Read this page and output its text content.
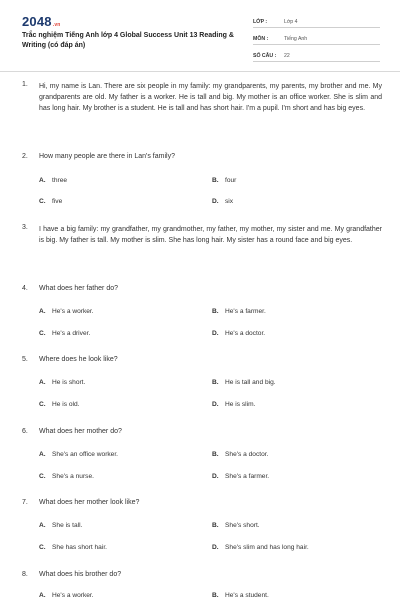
2048.vn
Trắc nghiệm Tiếng Anh lớp 4 Global Success Unit 13 Reading & Writing (có đáp án)
LỚP :	Lớp 4
MÔN :	Tiếng Anh
SỐ CÂU :	22
1.	Hi, my name is Lan. There are six people in my family: my grandparents, my parents, my brother and me. My grandparents are old. My father is a worker. He is tall and big. My mother is an office worker. She is slim and has long hair. My brother is a student. He is tall and has short hair. I'm a pupil. I'm short and has big eyes.
2.	How many people are there in Lan's family?
A. three	B. four
C. five	D. six
3.	I have a big family: my grandfather, my grandmother, my father, my mother, my sister and me. My grandfather is big. My father is tall. My mother is slim. She has long hair. My sister has a round face and big eyes.
4.	What does her father do?
A. He's a worker.	B. He's a farmer.
C. He's a driver.	D. He's a doctor.
5.	Where does he look like?
A. He is short.	B. He is tall and big.
C. He is old.	D. He is slim.
6.	What does her mother do?
A. She's an office worker.	B. She's a doctor.
C. She's a nurse.	D. She's a farmer.
7.	What does her mother look like?
A. She is tall.	B. She's short.
C. She has short hair.	D. She's slim and has long hair.
8.	What does his brother do?
A. He's a worker.	B. He's a student.
